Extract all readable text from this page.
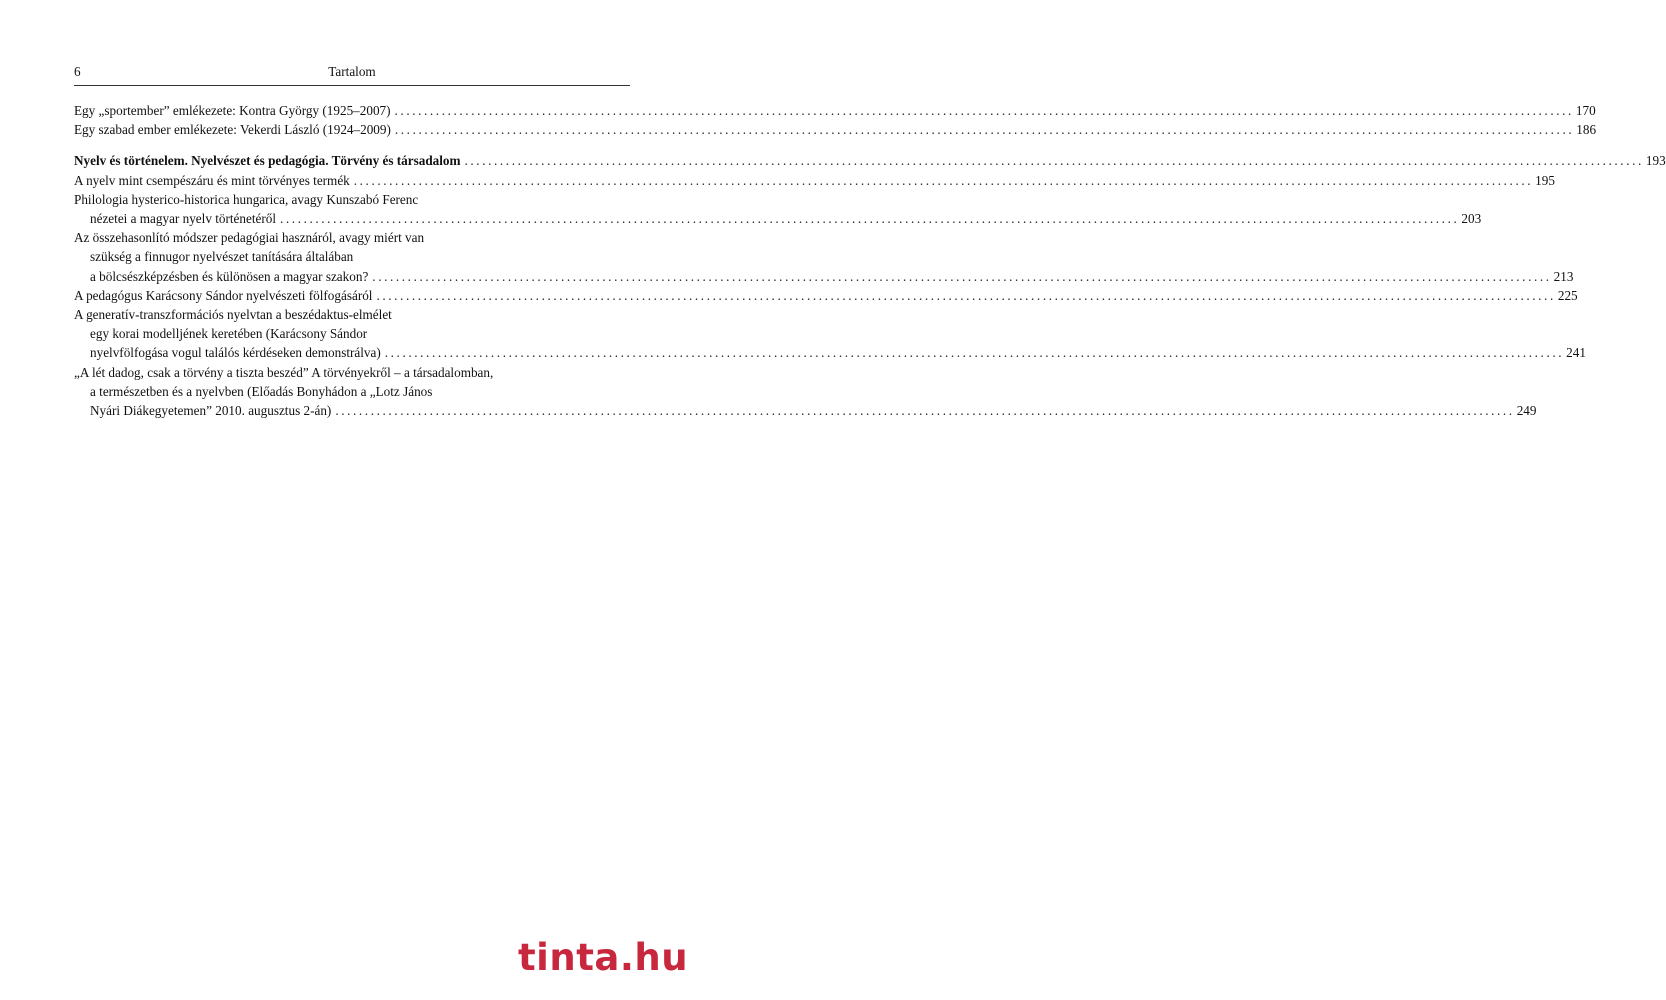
6	Tartalom
Egy „sportember” emlékezete: Kontra György (1925–2007) ........................................................................................................................................................................................................ 170
Egy szabad ember emlékezete: Vekerdi László (1924–2009) ........................................................................................................................................................................................................ 186
Nyelv és történelem. Nyelvészet és pedagógia. Törvény és társadalom ........................................................................................................................................................................................................ 193
A nyelv mint csempészáru és mint törvényes termék ........................................................................................................................................................................................................ 195
Philologia hysterico-historica hungarica, avagy Kunszabó Ferenc
nézetei a magyar nyelv történetéről ........................................................................................................................................................................................................ 203
Az összehasonlító módszer pedagógiai hasznáról, avagy miért van
szükség a finnugor nyelvészet tanítására általában
a bölcsészképzésben és különösen a magyar szakon? ........................................................................................................................................................................................................ 213
A pedagógus Karácsony Sándor nyelvészeti fölfogásáról ........................................................................................................................................................................................................ 225
A generatív-transzformációs nyelvtan a beszédaktus-elmélet
egy korai modelljének keretében (Karácsony Sándor
nyelvfölfogása vogul találós kérdéseken demonstrálva) ........................................................................................................................................................................................................ 241
„A lét dadog, csak a törvény a tiszta beszéd” A törvényekről – a társadalomban,
a természetben és a nyelvben (Előadás Bonyhádon a „Lotz János
Nyári Diákegyetemen” 2010. augusztus 2-án) ........................................................................................................................................................................................................ 249
tinta.hu
